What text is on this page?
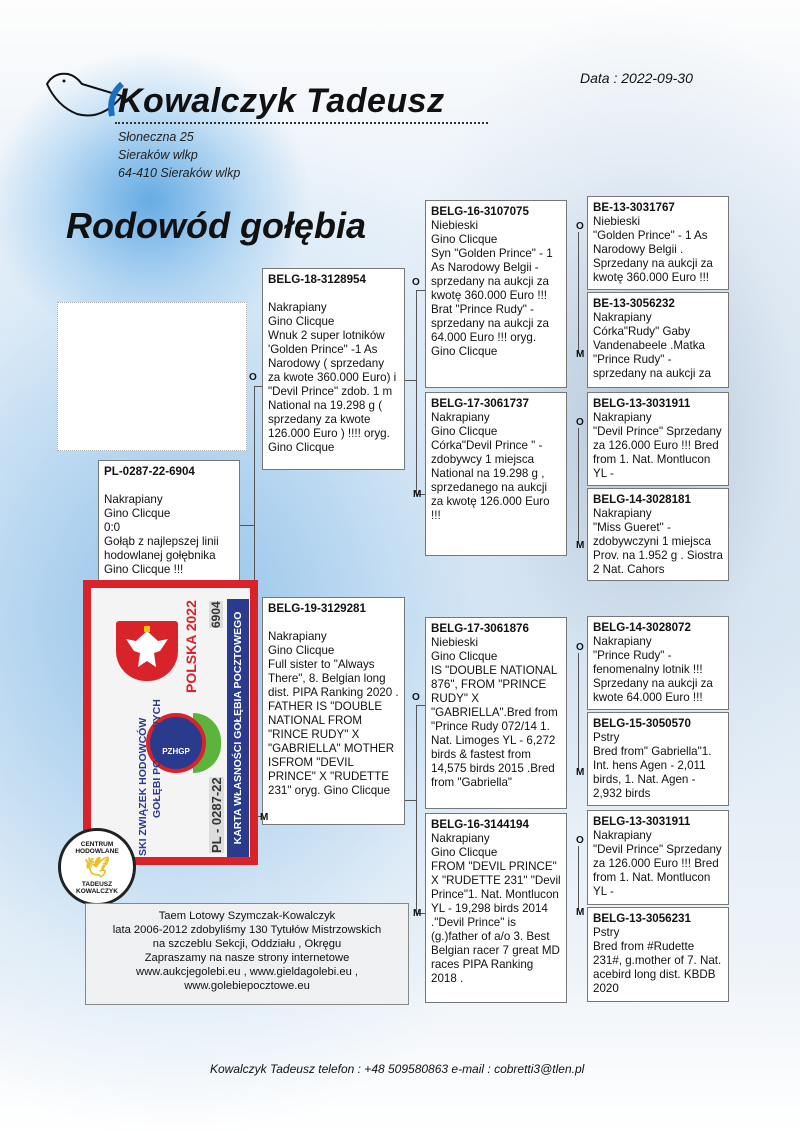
Data : 2022-09-30
Kowalczyk Tadeusz
Słoneczna 25
Sieraków wlkp
64-410 Sieraków wlkp
Rodowód gołębia
O
O
M
O
O
M
O
M
O
M
O
M
PL-0287-22-6904
Nakrapiany
Gino Clicque
0:0
Gołąb z najlepszej linii hodowlanej gołębnika Gino Clicque !!!
BELG-18-3128954
Nakrapiany
Gino Clicque
Wnuk 2 super lotników 'Golden Prince" -1 As Narodowy ( sprzedany za kwote 360.000 Euro) i "Devil Prince" zdob. 1 m National na 19.298 g ( sprzedany za kwote 126.000 Euro ) !!!! oryg. Gino Clicque
BELG-19-3129281
Nakrapiany
Gino Clicque
Full sister to "Always There", 8. Belgian long dist. PIPA Ranking 2020 . FATHER IS "DOUBLE NATIONAL FROM "RINCE RUDY" X "GABRIELLA" MOTHER ISFROM "DEVIL PRINCE" X "RUDETTE 231" oryg. Gino Clicque
BELG-16-3107075
Niebieski
Gino Clicque
Syn "Golden Prince" - 1 As Narodowy Belgii - sprzedany na aukcji za kwotę 360.000 Euro !!! Brat "Prince Rudy" - sprzedany na aukcji za 64.000 Euro !!! oryg. Gino Clicque
BELG-17-3061737
Nakrapiany
Gino Clicque
Córka"Devil Prince " - zdobywcy 1 miejsca National na 19.298 g , sprzedanego na aukcji za kwotę 126.000 Euro !!!
BELG-17-3061876
Niebieski
Gino Clicque
IS "DOUBLE NATIONAL 876", FROM "PRINCE RUDY" X "GABRIELLA".Bred from "Prince Rudy 072/14 1. Nat. Limoges YL - 6,272 birds & fastest from 14,575 birds 2015 .Bred from "Gabriella"
BELG-16-3144194
Nakrapiany
Gino Clicque
FROM "DEVIL PRINCE" X "RUDETTE 231" "Devil Prince"1. Nat. Montlucon YL - 19,298 birds 2014 ."Devil Prince" is (g.)father of a/o 3. Best Belgian racer 7 great MD races PIPA Ranking 2018 .
BE-13-3031767
Niebieski
"Golden Prince" - 1 As Narodowy Belgii . Sprzedany na aukcji za kwotę 360.000 Euro !!!
BE-13-3056232
Nakrapiany
Córka"Rudy" Gaby Vandenabeele .Matka "Prince Rudy" - sprzedany na aukcji za
BELG-13-3031911
Nakrapiany
"Devil Prince" Sprzedany za 126.000 Euro !!! Bred from 1. Nat. Montlucon YL -
BELG-14-3028181
Nakrapiany
"Miss Gueret" - zdobywczyni 1 miejsca Prov. na 1.952 g . Siostra 2 Nat. Cahors
BELG-14-3028072
Nakrapiany
"Prince Rudy" - fenomenalny lotnik !!! Sprzedany na aukcji za kwote 64.000 Euro !!!
BELG-15-3050570
Pstry
Bred from" Gabriella"1. Int. hens Agen - 2,011 birds, 1. Nat. Agen - 2,932 birds
BELG-13-3031911
Nakrapiany
"Devil Prince" Sprzedany za 126.000 Euro !!! Bred from 1. Nat. Montlucon YL -
BELG-13-3056231
Pstry
Bred from #Rudette 231#, g.mother of 7. Nat. acebird long dist. KBDB 2020
PZHGP
SKI ZWIĄZEK HODOWCÓW GOŁĘBI POCZTOWYCH
POLSKA 2022 6904
PL - 0287-22 KARTA WŁASNOŚCI GOŁĘBIA POCZTOWEGO	M
CENTRUM HODOWLANE
🕊
TADEUSZ KOWALCZYK
Taem Lotowy Szymczak-Kowalczyk
lata 2006-2012 zdobyliśmy 130 Tytułów Mistrzowskich
na szczeblu Sekcji, Oddziału , Okręgu
Zapraszamy na nasze strony internetowe
www.aukcjegolebi.eu , www.gieldagolebi.eu ,
www.golebiepocztowe.eu
M
Kowalczyk Tadeusz telefon : +48 509580863 e-mail : cobretti3@tlen.pl
